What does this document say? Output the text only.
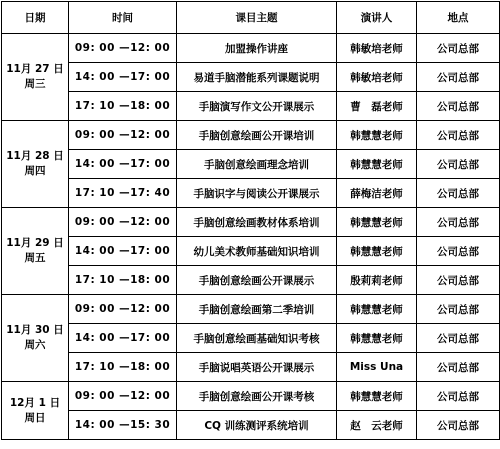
日期	时间	课目主题	演讲人	地点

11月 27 日
周三	09: 00 —12: 00	加盟操作讲座	韩敏培老师	公司总部
	14: 00 —17: 00	易道手脑潜能系列课题说明	韩敏培老师	公司总部
	17: 10 —18: 00	手脑演写作文公开课展示	曹　磊老师	公司总部

11月 28 日
周四	09: 00 —12: 00	手脑创意绘画公开课培训	韩慧慧老师	公司总部
	14: 00 —17: 00	手脑创意绘画理念培训	韩慧慧老师	公司总部
	17: 10 —17: 40	手脑识字与阅读公开课展示	薛梅洁老师	公司总部

11月 29 日
周五	09: 00 —12: 00	手脑创意绘画教材体系培训	韩慧慧老师	公司总部
	14: 00 —17: 00	幼儿美术教师基础知识培训	韩慧慧老师	公司总部
	17: 10 —18: 00	手脑创意绘画公开课展示	殷莉莉老师	公司总部

11月 30 日
周六	09: 00 —12: 00	手脑创意绘画第二季培训	韩慧慧老师	公司总部
	14: 00 —17: 00	手脑创意绘画基础知识考核	韩慧慧老师	公司总部
	17: 10 —18: 00	手脑说唱英语公开课展示	Miss Una	公司总部

12月 1 日
周日	09: 00 —12: 00	手脑创意绘画公开课考核	韩慧慧老师	公司总部
	14: 00 —15: 30	CQ 训练测评系统培训	赵　云老师	公司总部
